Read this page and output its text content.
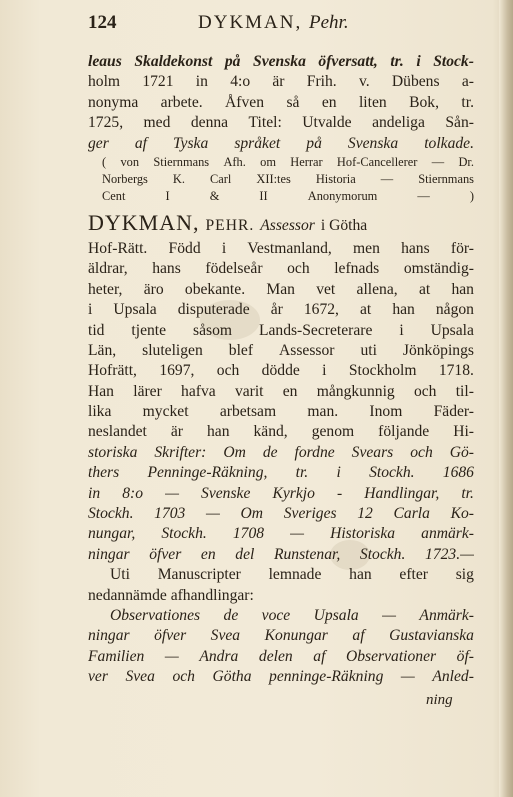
124	DYKMAN, Pehr.
leaus Skaldekonst på Svenska öfversatt, tr. i Stock-
holm 1721 in 4:o är Frih. v. Dübens a-
nonyma arbete. Åfven så en liten Bok, tr.
1725, med denna Titel: Utvalde andeliga Sån-
ger af Tyska språket på Svenska tolkade.
( von Stiernmans Afh. om Herrar Hof-Cancellerer — Dr.
Norbergs K. Carl XII:tes Historia — Stiernmans
Cent	I	&	II	Anonymorum	—	)
DYKMAN, PEHR. Assessor i Götha
Hof-Rätt. Född i Vestmanland, men hans för-
äldrar, hans födelseår och lefnads omständig-
heter, äro obekante. Man vet allena, at han
i Upsala disputerade år 1672, at han någon
tid tjente såsom Lands-Secreterare i Upsala
Län, sluteligen blef Assessor uti Jönköpings
Hofrätt, 1697, och dödde i Stockholm 1718.
Han lärer hafva varit en mångkunnig och til-
lika mycket arbetsam man. Inom Fäder-
neslandet är han känd, genom följande Hi-
storiska Skrifter: Om de fordne Svears och Gö-
thers Penninge-Räkning, tr. i Stockh. 1686
in 8:o — Svenske Kyrkjo - Handlingar, tr.
Stockh. 1703 — Om Sveriges 12 Carla Ko-
nungar, Stockh. 1708 — Historiska anmärk-
ningar öfver en del Runstenar, Stockh. 1723.—
Uti Manuscripter lemnade han efter sig
nedannämde afhandlingar:
Observationes de voce Upsala — Anmärk-
ningar öfver Svea Konungar af Gustavianska
Familien — Andra delen af Observationer öf-
ver Svea och Götha penninge-Räkning — Anled-
ning
